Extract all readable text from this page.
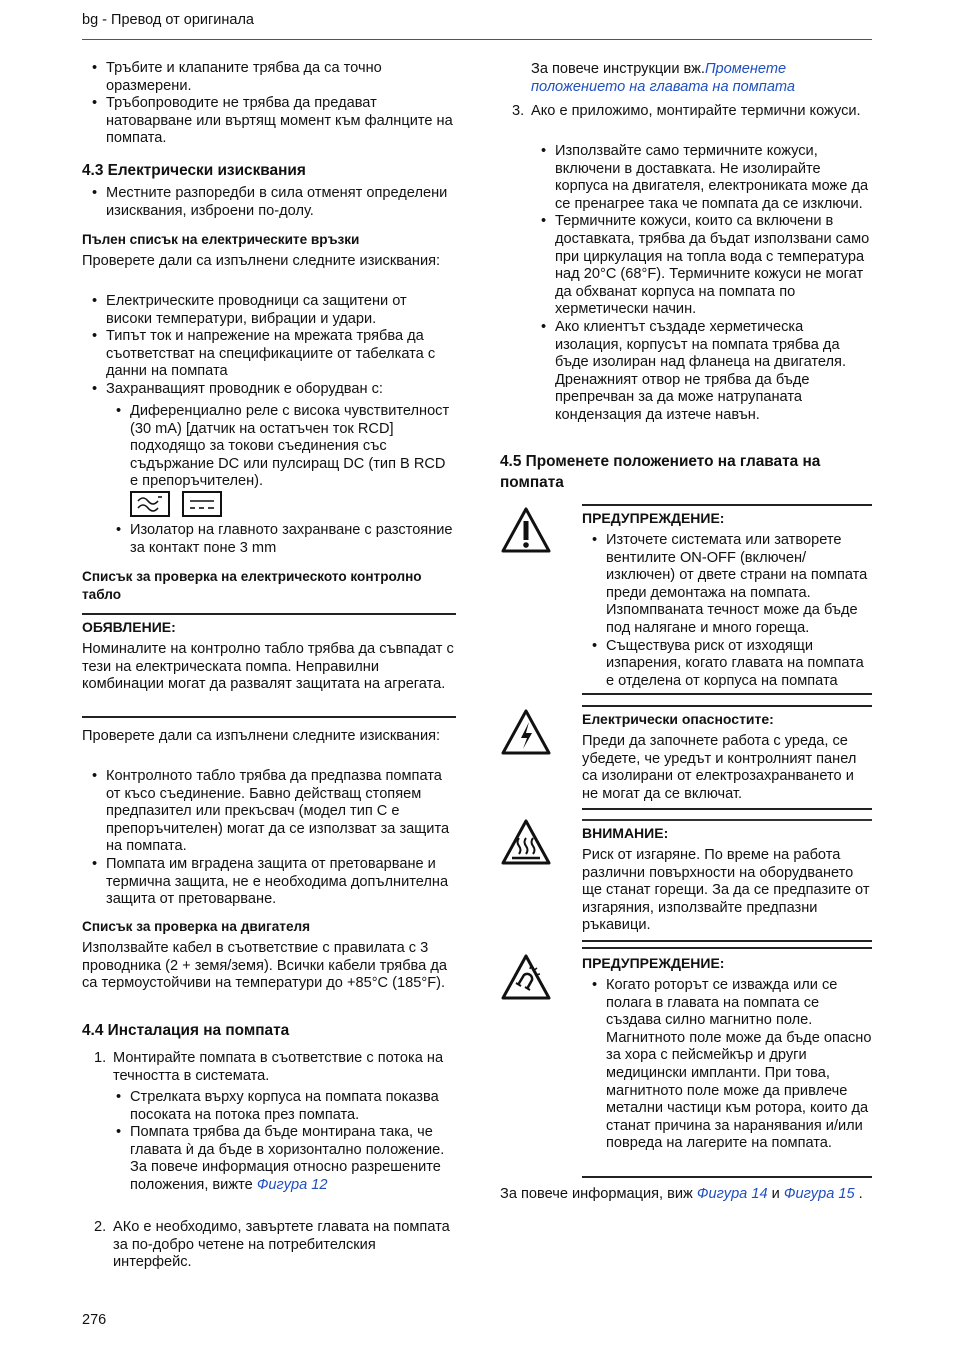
bg - Превод от оригинала
• Тръбите и клапаните трябва да са точно оразмерени.
• Тръбопроводите не трябва да предават натоварване или въртящ момент към фалнците на помпата.
4.3 Електрически изисквания
• Местните разпоредби в сила отменят определени изисквания, изброени по-долу.
Пълен списък на електрическите връзки

Проверете дали са изпълнени следните изисквания:

• Електрическите проводници са защитени от високи температури, вибрации и удари.
• Типът ток и напрежение на мрежата трябва да съответстват на спецификациите от табелката с данни на помпата
• Захранващият проводник е оборудван с:
• Диференциално реле с висока чувствителност (30 mA) [датчик на остатъчен ток RCD] подходящо за токови съединения със съдържание DC или пулсиращ DC (тип B RCD е препоръчителен).
• Изолатор на главното захранване с разстояние за контакт поне 3 mm
Списък за проверка на електрическото контролно табло
ОБЯВЛЕНИЕ:

Номиналите на контролно табло трябва да съвпадат с тези на електрическата помпа. Неправилни комбинации могат да развалят защитата на агрегата.

Проверете дали са изпълнени следните изисквания:

• Контролното табло трябва да предпазва помпата от късо съединение. Бавно действащ стопяем предпазител или прекъсвач (модел тип C е препоръчителен) могат да се използват за защита на помпата.
• Помпата им вградена защита от претоварване и термична защита, не е необходима допълнителна защита от претоварване.
Списък за проверка на двигателя

Използвайте кабел в съответствие с правилата с 3 проводника (2 + земя/земя). Всички кабели трябва да са термоустойчиви на температури до +85°C (185°F).

4.4 Инсталация на помпата
1. Монтирайте помпата в съответствие с потока на течността в системата.

• Стрелката върху корпуса на помпата показва посоката на потока през помпата.
• Помпата трябва да бъде монтирана така, че главата ѝ да бъде в хоризонтално положение. За повече информация относно разрешените положения, вижте Фигура 12
2. АКо е необходимо, завъртете главата на помпата за по-добро четене на потребителския интерфейс.

За повече инструкции вж.Променете положението на главата на помпата

3. Ако е приложимо, монтирайте термични кожуси.

• Използвайте само термичните кожуси, включени в доставката. Не изолирайте корпуса на двигателя, електрониката може да се пренагрее така че помпата да се изключи.
• Термичните кожуси, които са включени в доставката, трябва да бъдат използвани само при циркулация на топла вода с температура над 20°C (68°F). Термичните кожуси не могат да обхванат корпуса на помпата по херметически начин.
• Ако клиентът създаде херметическа изолация, корпусът на помпата трябва да бъде изолиран над фланеца на двигателя. Дренажният отвор не трябва да бъде препречван за да може натрупаната кондензация да изтече навън.
4.5 Променете положението на главата на помпата
ПРЕДУПРЕЖДЕНИЕ:
• Източете системата или затворете вентилите ON-OFF (включен/изключен) от двете страни на помпата преди демонтажа на помпата. Изпомпваната течност може да бъде под налягане и много гореща.
• Съществува риск от изходящи изпарения, когато главата на помпата е отделена от корпуса на помпата
Електрически опасностите:

Преди да започнете работа с уреда, се убедете, че уредът и контролният панел са изолирани от електрозахранването и не могат да се включат.

ВНИМАНИЕ:

Риск от изгаряне. По време на работа различни повърхности на оборудването ще станат горещи. За да се предпазите от изгаряния, използвайте предпазни ръкавици.

ПРЕДУПРЕЖДЕНИЕ:
• Когато роторът се изважда или се полага в главата на помпата се създава силно магнитно поле. Магнитното поле може да бъде опасно за хора с пейсмейкър и други медицински импланти. При това, магнитното поле може да привлече метални частици към ротора, които да станат причина за наранявания и/или повреда на лагерите на помпата.

За повече информация, виж Фигура 14 и Фигура 15 .

276
